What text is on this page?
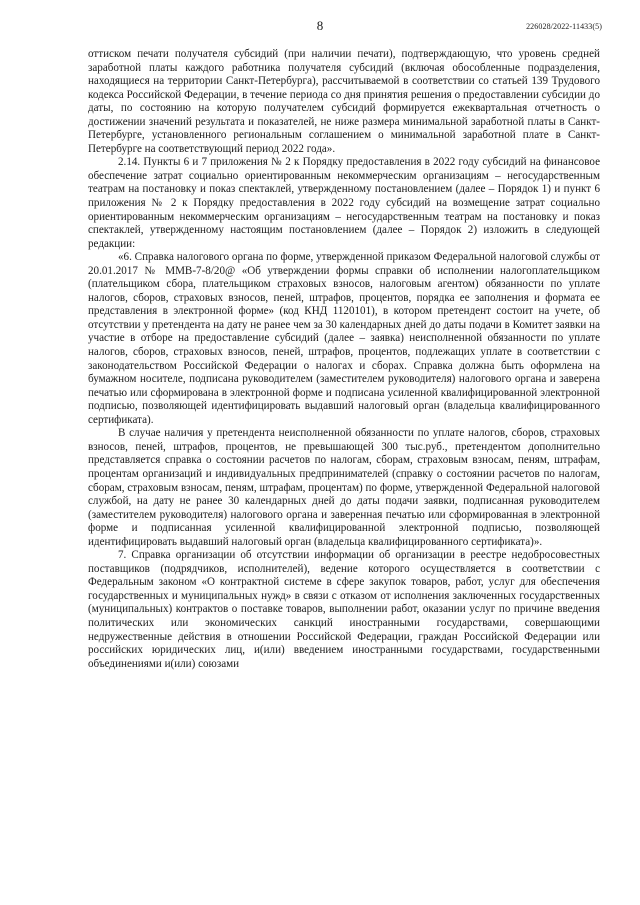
8	226028/2022-11433(5)

оттиском печати получателя субсидий (при наличии печати), подтверждающую, что уровень средней заработной платы каждого работника получателя субсидий (включая обособленные подразделения, находящиеся на территории Санкт-Петербурга), рассчитываемой в соответствии со статьей 139 Трудового кодекса Российской Федерации, в течение периода со дня принятия решения о предоставлении субсидии до даты, по состоянию на которую получателем субсидий формируется ежеквартальная отчетность о достижении значений результата и показателей, не ниже размера минимальной заработной платы в Санкт-Петербурге, установленного региональным соглашением о минимальной заработной плате в Санкт-Петербурге на соответствующий период 2022 года».

2.14. Пункты 6 и 7 приложения № 2 к Порядку предоставления в 2022 году субсидий на финансовое обеспечение затрат социально ориентированным некоммерческим организациям – негосударственным театрам на постановку и показ спектаклей, утвержденному постановлением (далее – Порядок 1) и пункт 6 приложения № 2 к Порядку предоставления в 2022 году субсидий на возмещение затрат социально ориентированным некоммерческим организациям – негосударственным театрам на постановку и показ спектаклей, утвержденному настоящим постановлением (далее – Порядок 2) изложить в следующей редакции:

«6. Справка налогового органа по форме, утвержденной приказом Федеральной налоговой службы от 20.01.2017 № ММВ-7-8/20@ «Об утверждении формы справки об исполнении налогоплательщиком (плательщиком сбора, плательщиком страховых взносов, налоговым агентом) обязанности по уплате налогов, сборов, страховых взносов, пеней, штрафов, процентов, порядка ее заполнения и формата ее представления в электронной форме» (код КНД 1120101), в котором претендент состоит на учете, об отсутствии у претендента на дату не ранее чем за 30 календарных дней до даты подачи в Комитет заявки на участие в отборе на предоставление субсидий (далее – заявка) неисполненной обязанности по уплате налогов, сборов, страховых взносов, пеней, штрафов, процентов, подлежащих уплате в соответствии с законодательством Российской Федерации о налогах и сборах. Справка должна быть оформлена на бумажном носителе, подписана руководителем (заместителем руководителя) налогового органа и заверена печатью или сформирована в электронной форме и подписана усиленной квалифицированной электронной подписью, позволяющей идентифицировать выдавший налоговый орган (владельца квалифицированного сертификата).

В случае наличия у претендента неисполненной обязанности по уплате налогов, сборов, страховых взносов, пеней, штрафов, процентов, не превышающей 300 тыс.руб., претендентом дополнительно представляется справка о состоянии расчетов по налогам, сборам, страховым взносам, пеням, штрафам, процентам организаций и индивидуальных предпринимателей (справку о состоянии расчетов по налогам, сборам, страховым взносам, пеням, штрафам, процентам) по форме, утвержденной Федеральной налоговой службой, на дату не ранее 30 календарных дней до даты подачи заявки, подписанная руководителем (заместителем руководителя) налогового органа и заверенная печатью или сформированная в электронной форме и подписанная усиленной квалифицированной электронной подписью, позволяющей идентифицировать выдавший налоговый орган (владельца квалифицированного сертификата)».

7. Справка организации об отсутствии информации об организации в реестре недобросовестных поставщиков (подрядчиков, исполнителей), ведение которого осуществляется в соответствии с Федеральным законом «О контрактной системе в сфере закупок товаров, работ, услуг для обеспечения государственных и муниципальных нужд» в связи с отказом от исполнения заключенных государственных (муниципальных) контрактов о поставке товаров, выполнении работ, оказании услуг по причине введения политических или экономических санкций иностранными государствами, совершающими недружественные действия в отношении Российской Федерации, граждан Российской Федерации или российских юридических лиц, и(или) введением иностранными государствами, государственными объединениями и(или) союзами
